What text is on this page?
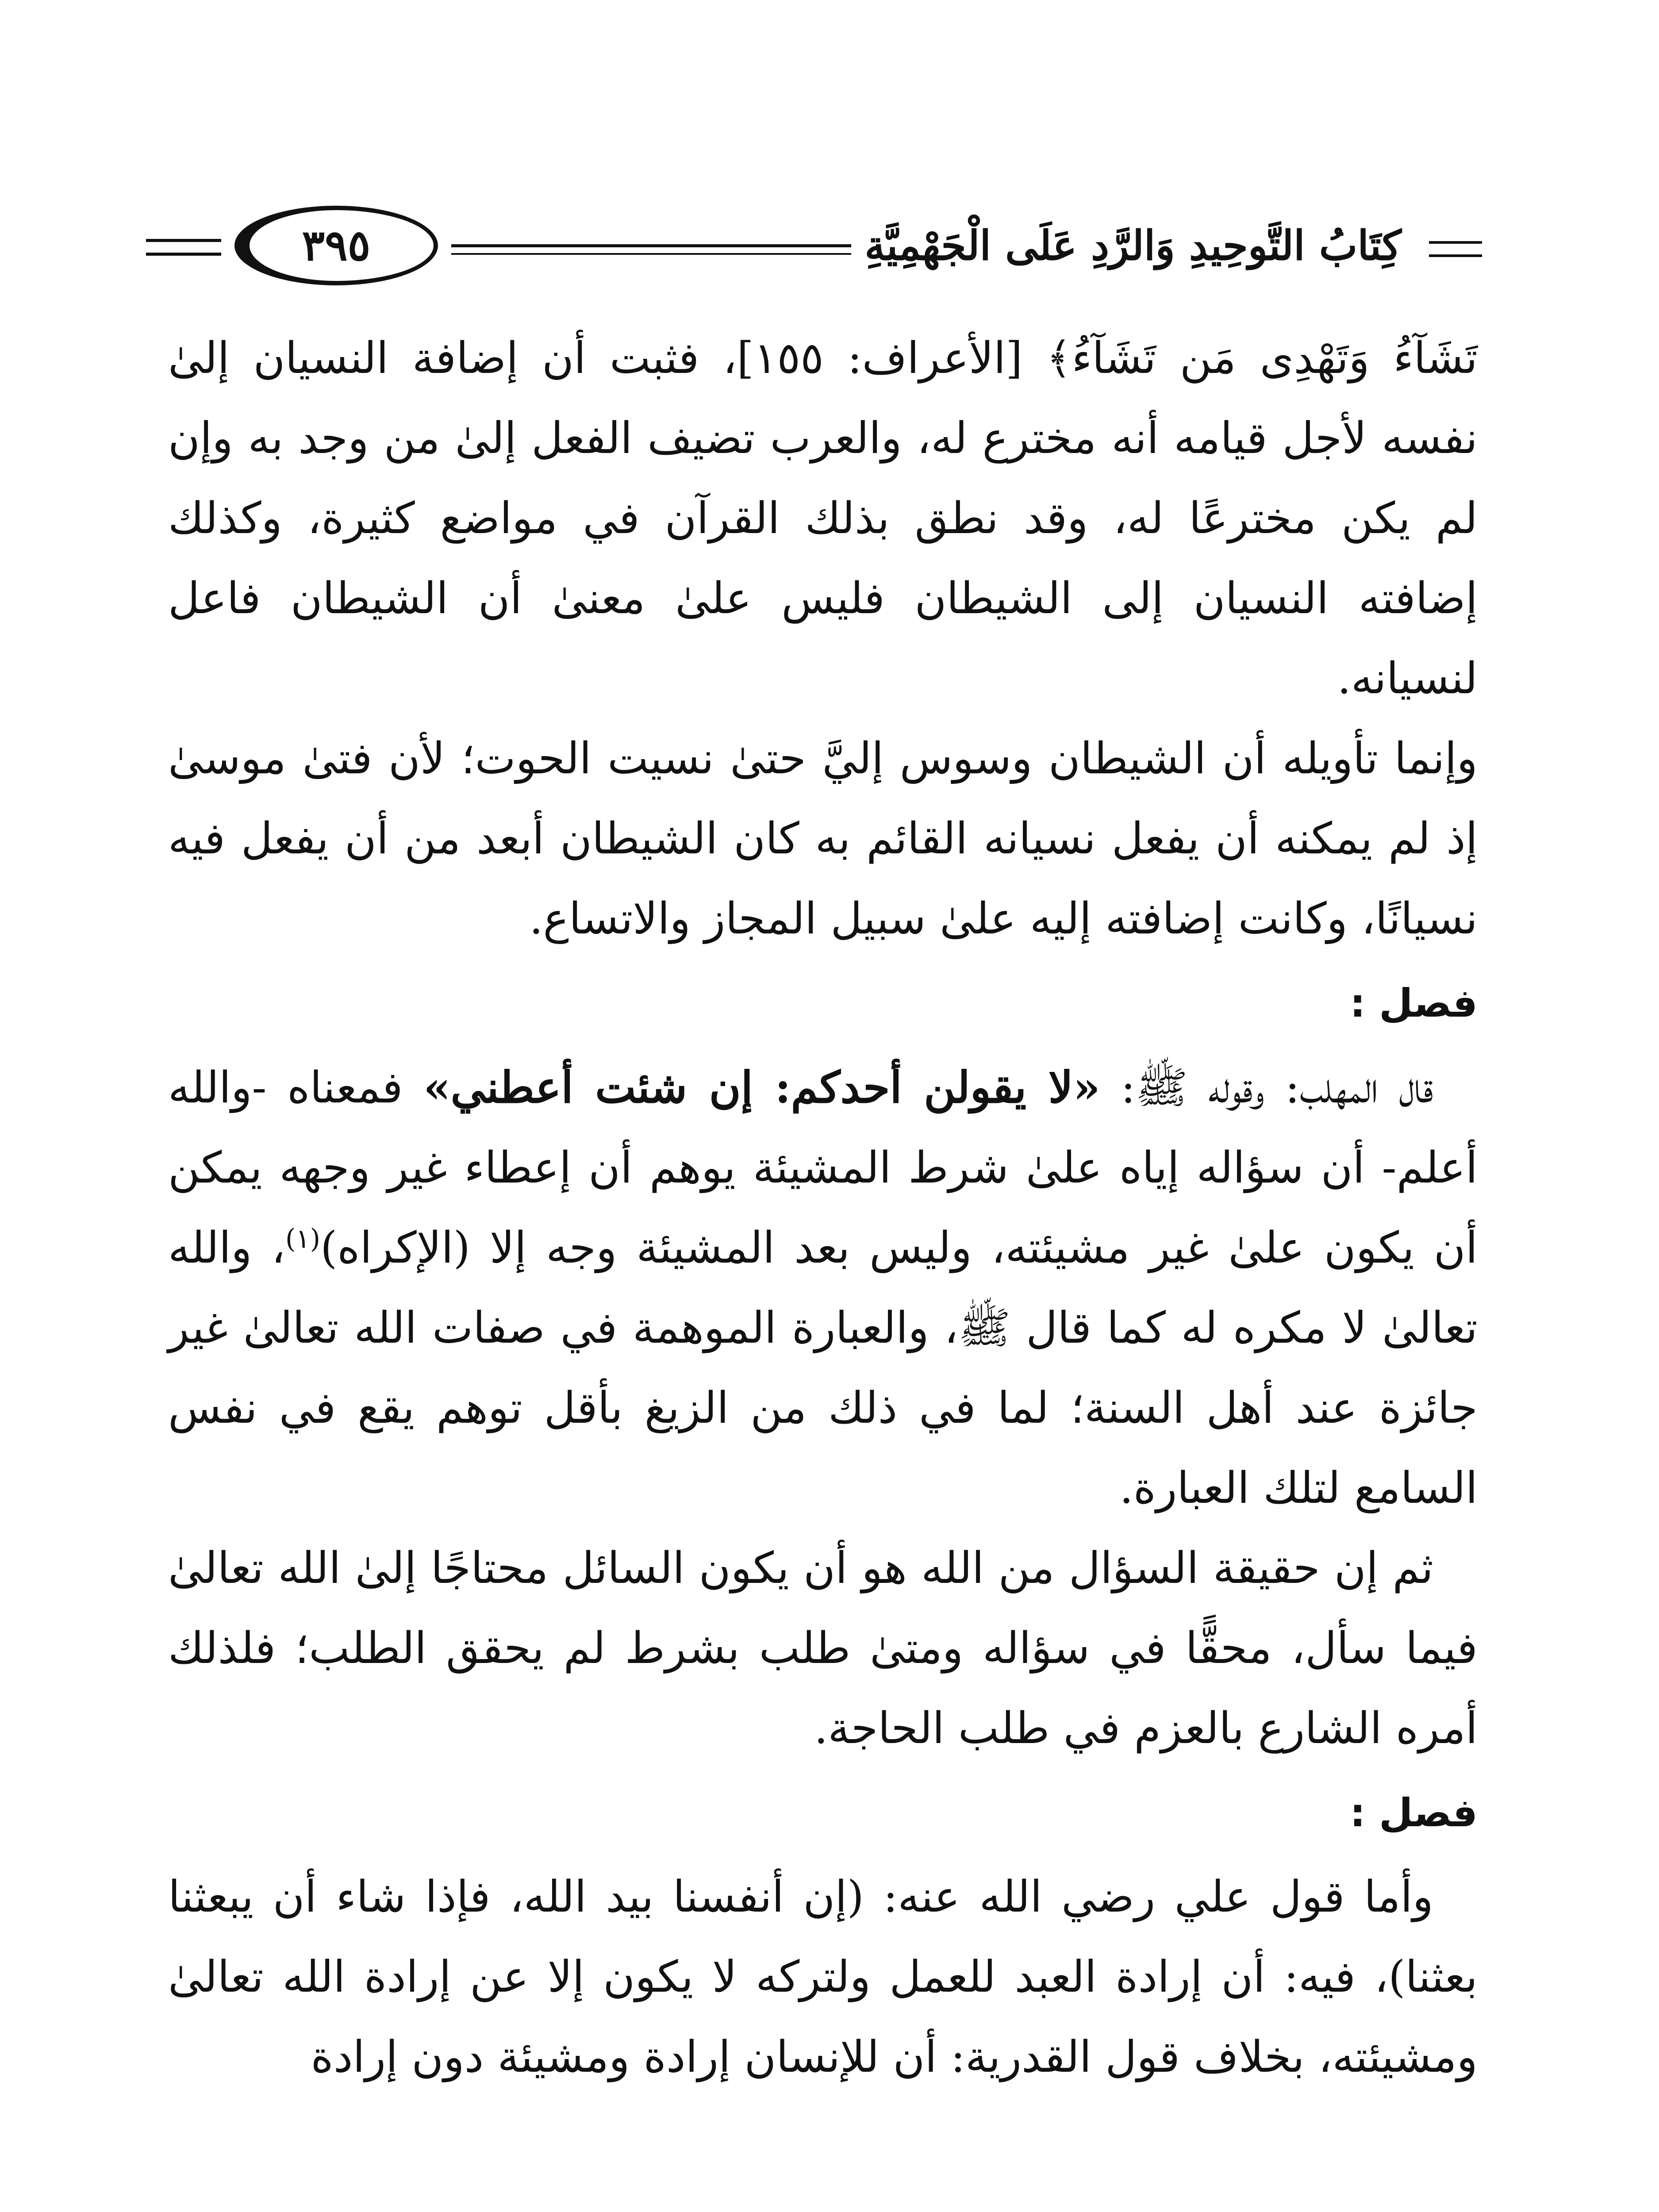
٣٩٥	كِتَابُ التَّوحِيدِ وَالرَّدِ عَلَى الْجَهْمِيَّةِ

تَشَآءُ وَتَهْدِى مَن تَشَآءُ﴾ [الأعراف: ١٥٥]، فثبت أن إضافة النسيان إلىٰ نفسه لأجل قيامه أنه مخترع له، والعرب تضيف الفعل إلىٰ من وجد به وإن لم يكن مخترعًا له، وقد نطق بذلك القرآن في مواضع كثيرة، وكذلك إضافته النسيان إلى الشيطان فليس علىٰ معنىٰ أن الشيطان فاعل لنسيانه.

وإنما تأويله أن الشيطان وسوس إليَّ حتىٰ نسيت الحوت؛ لأن فتىٰ موسىٰ إذ لم يمكنه أن يفعل نسيانه القائم به كان الشيطان أبعد من أن يفعل فيه نسيانًا، وكانت إضافته إليه علىٰ سبيل المجاز والاتساع.

فصل :

قال المهلب: وقوله ﷺ: «لا يقولن أحدكم: إن شئت أعطني» فمعناه -والله أعلم- أن سؤاله إياه علىٰ شرط المشيئة يوهم أن إعطاء غير وجهه يمكن أن يكون علىٰ غير مشيئته، وليس بعد المشيئة وجه إلا (الإكراه)$^{(١)}$، والله تعالىٰ لا مكره له كما قال ﷺ، والعبارة الموهمة في صفات الله تعالىٰ غير جائزة عند أهل السنة؛ لما في ذلك من الزيغ بأقل توهم يقع في نفس السامع لتلك العبارة.

ثم إن حقيقة السؤال من الله هو أن يكون السائل محتاجًا إلىٰ الله تعالىٰ فيما سأل، محقًّا في سؤاله ومتىٰ طلب بشرط لم يحقق الطلب؛ فلذلك أمره الشارع بالعزم في طلب الحاجة.

فصل :

وأما قول علي رضي الله عنه: (إن أنفسنا بيد الله، فإذا شاء أن يبعثنا بعثنا)، فيه: أن إرادة العبد للعمل ولتركه لا يكون إلا عن إرادة الله تعالىٰ ومشيئته، بخلاف قول القدرية: أن للإنسان إرادة ومشيئة دون إرادة
